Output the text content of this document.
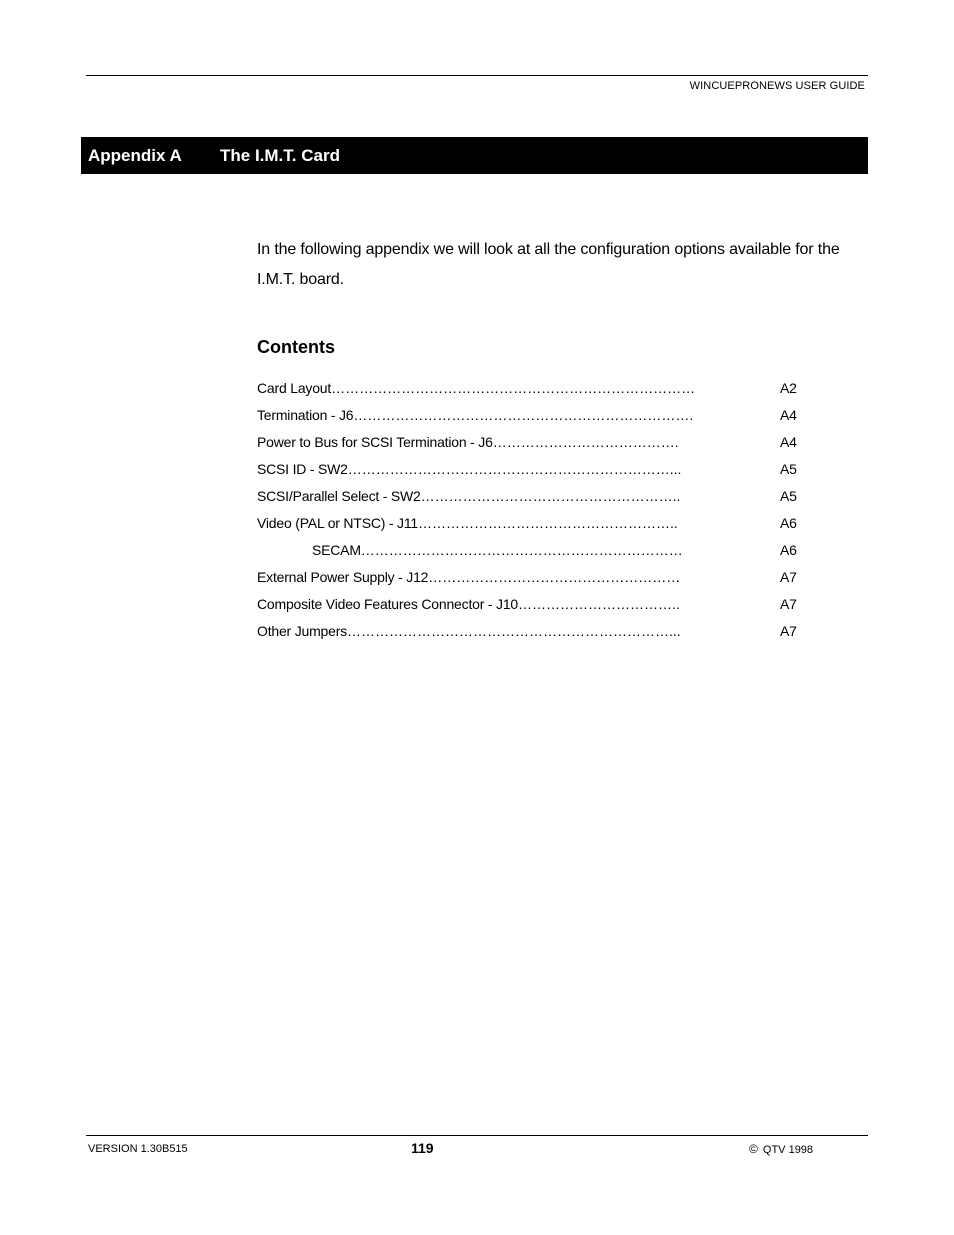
WINCUEPRONEWS USER GUIDE
Appendix A The I.M.T. Card
In the following appendix we will look at all the configuration options available for the I.M.T. board.
Contents
Card Layout……………………………………………………………………	A2
Termination - J6……………………………………………………………….	A4
Power to Bus for SCSI Termination - J6………………………………….	A4
SCSI ID - SW2……………………………………………………………...	A5
SCSI/Parallel Select - SW2………………………………………………..	A5
Video (PAL or NTSC) - J11………………………………………………..	A6
SECAM……………………………………………………………	A6
External Power Supply - J12………………………………………………	A7
Composite Video Features Connector - J10……………………………..	A7
Other Jumpers……………………………………………………………...	A7
VERSION 1.30B515	119	© QTV 1998
